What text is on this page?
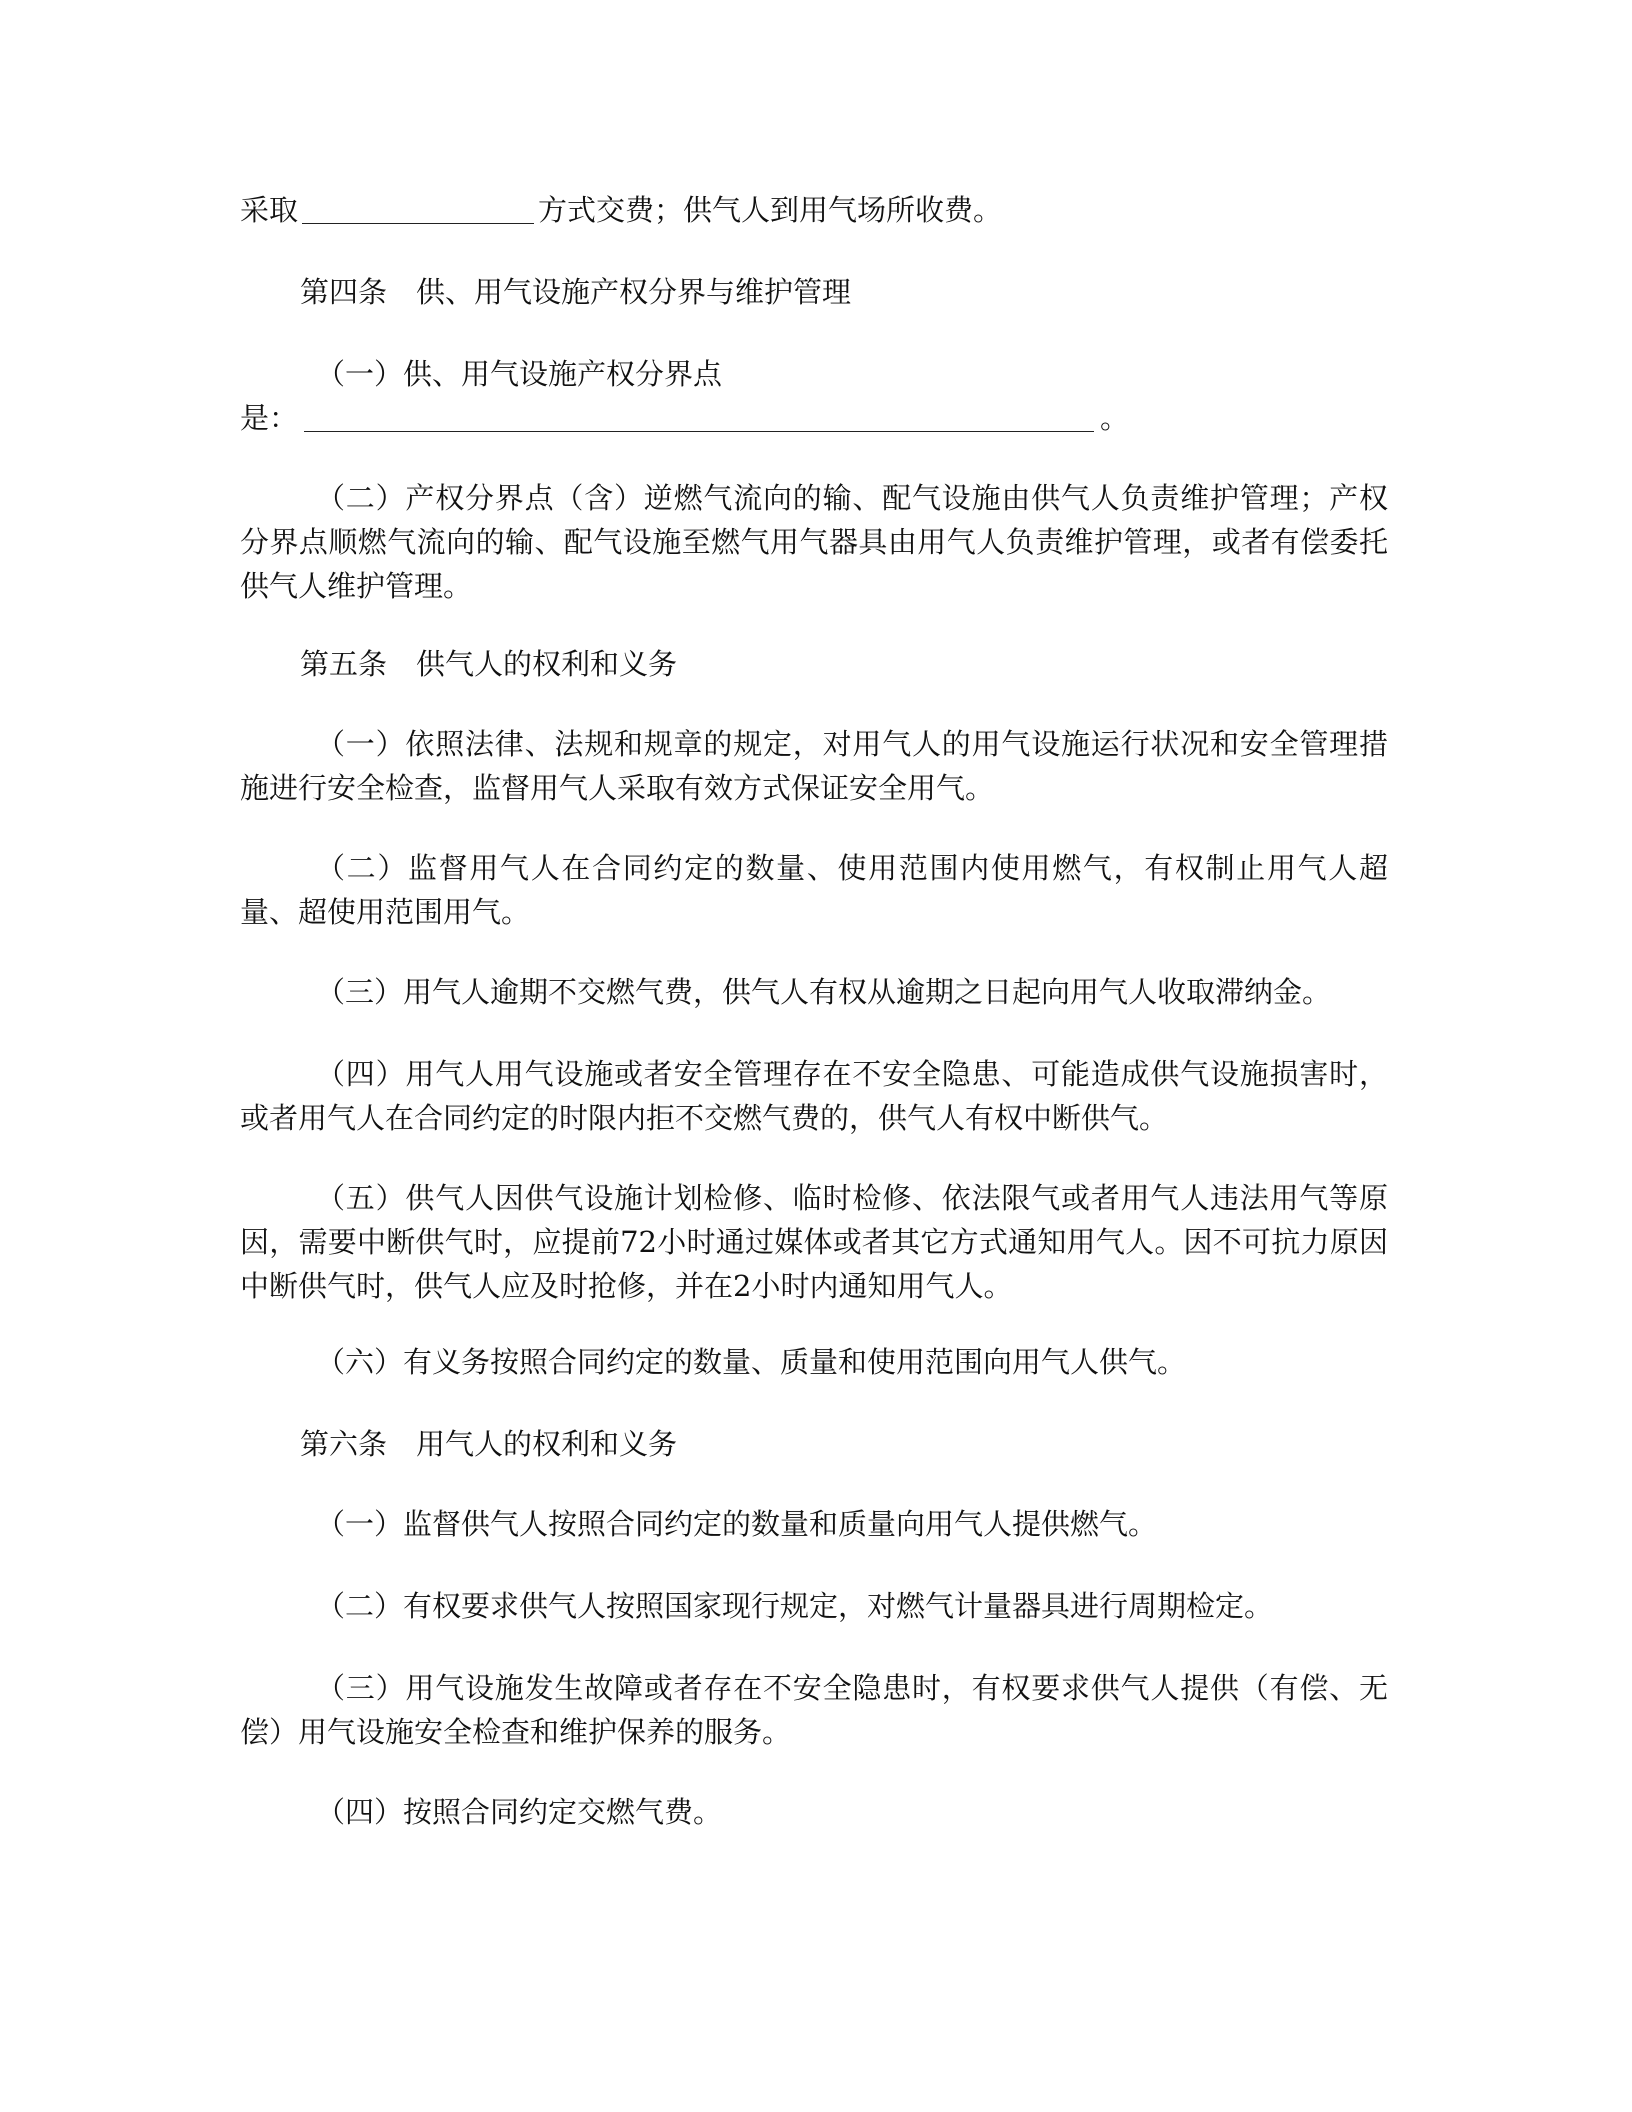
采取	方式交费；供气人到用气场所收费。
第四条　供、用气设施产权分界与维护管理
（一）供、用气设施产权分界点
是：	。
（二）产权分界点（含）逆燃气流向的输、配气设施由供气人负责维护管理；产权分界点顺燃气流向的输、配气设施至燃气用气器具由用气人负责维护管理，或者有偿委托供气人维护管理。
第五条　供气人的权利和义务
（一）依照法律、法规和规章的规定，对用气人的用气设施运行状况和安全管理措施进行安全检查，监督用气人采取有效方式保证安全用气。
（二）监督用气人在合同约定的数量、使用范围内使用燃气，有权制止用气人超量、超使用范围用气。
（三）用气人逾期不交燃气费，供气人有权从逾期之日起向用气人收取滞纳金。
（四）用气人用气设施或者安全管理存在不安全隐患、可能造成供气设施损害时，或者用气人在合同约定的时限内拒不交燃气费的，供气人有权中断供气。
（五）供气人因供气设施计划检修、临时检修、依法限气或者用气人违法用气等原因，需要中断供气时，应提前72小时通过媒体或者其它方式通知用气人。因不可抗力原因中断供气时，供气人应及时抢修，并在2小时内通知用气人。
（六）有义务按照合同约定的数量、质量和使用范围向用气人供气。
第六条　用气人的权利和义务
（一）监督供气人按照合同约定的数量和质量向用气人提供燃气。
（二）有权要求供气人按照国家现行规定，对燃气计量器具进行周期检定。
（三）用气设施发生故障或者存在不安全隐患时，有权要求供气人提供（有偿、无偿）用气设施安全检查和维护保养的服务。
（四）按照合同约定交燃气费。
